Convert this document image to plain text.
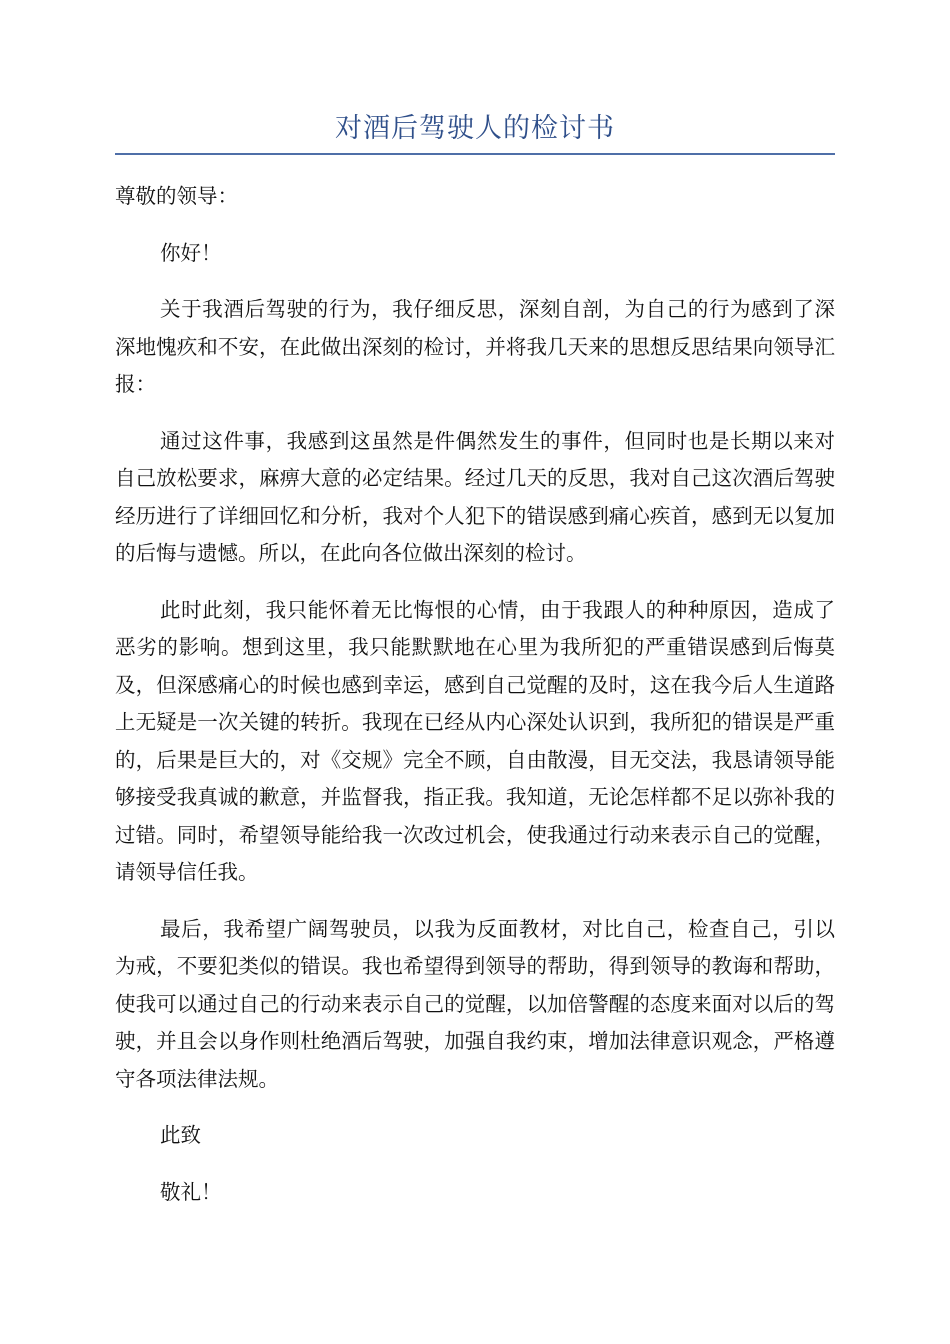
对酒后驾驶人的检讨书

尊敬的领导：

你好！

关于我酒后驾驶的行为，我仔细反思，深刻自剖，为自己的行为感到了深深地愧疚和不安，在此做出深刻的检讨，并将我几天来的思想反思结果向领导汇报：

通过这件事，我感到这虽然是件偶然发生的事件，但同时也是长期以来对自己放松要求，麻痹大意的必定结果。经过几天的反思，我对自己这次酒后驾驶经历进行了详细回忆和分析，我对个人犯下的错误感到痛心疾首，感到无以复加的后悔与遗憾。所以，在此向各位做出深刻的检讨。

此时此刻，我只能怀着无比悔恨的心情，由于我跟人的种种原因，造成了恶劣的影响。想到这里，我只能默默地在心里为我所犯的严重错误感到后悔莫及，但深感痛心的时候也感到幸运，感到自己觉醒的及时，这在我今后人生道路上无疑是一次关键的转折。我现在已经从内心深处认识到，我所犯的错误是严重的，后果是巨大的，对《交规》完全不顾，自由散漫，目无交法，我恳请领导能够接受我真诚的歉意，并监督我，指正我。我知道，无论怎样都不足以弥补我的过错。同时，希望领导能给我一次改过机会，使我通过行动来表示自己的觉醒，请领导信任我。

最后，我希望广阔驾驶员，以我为反面教材，对比自己，检查自己，引以为戒，不要犯类似的错误。我也希望得到领导的帮助，得到领导的教诲和帮助，使我可以通过自己的行动来表示自己的觉醒，以加倍警醒的态度来面对以后的驾驶，并且会以身作则杜绝酒后驾驶，加强自我约束，增加法律意识观念，严格遵守各项法律法规。

此致

敬礼！
